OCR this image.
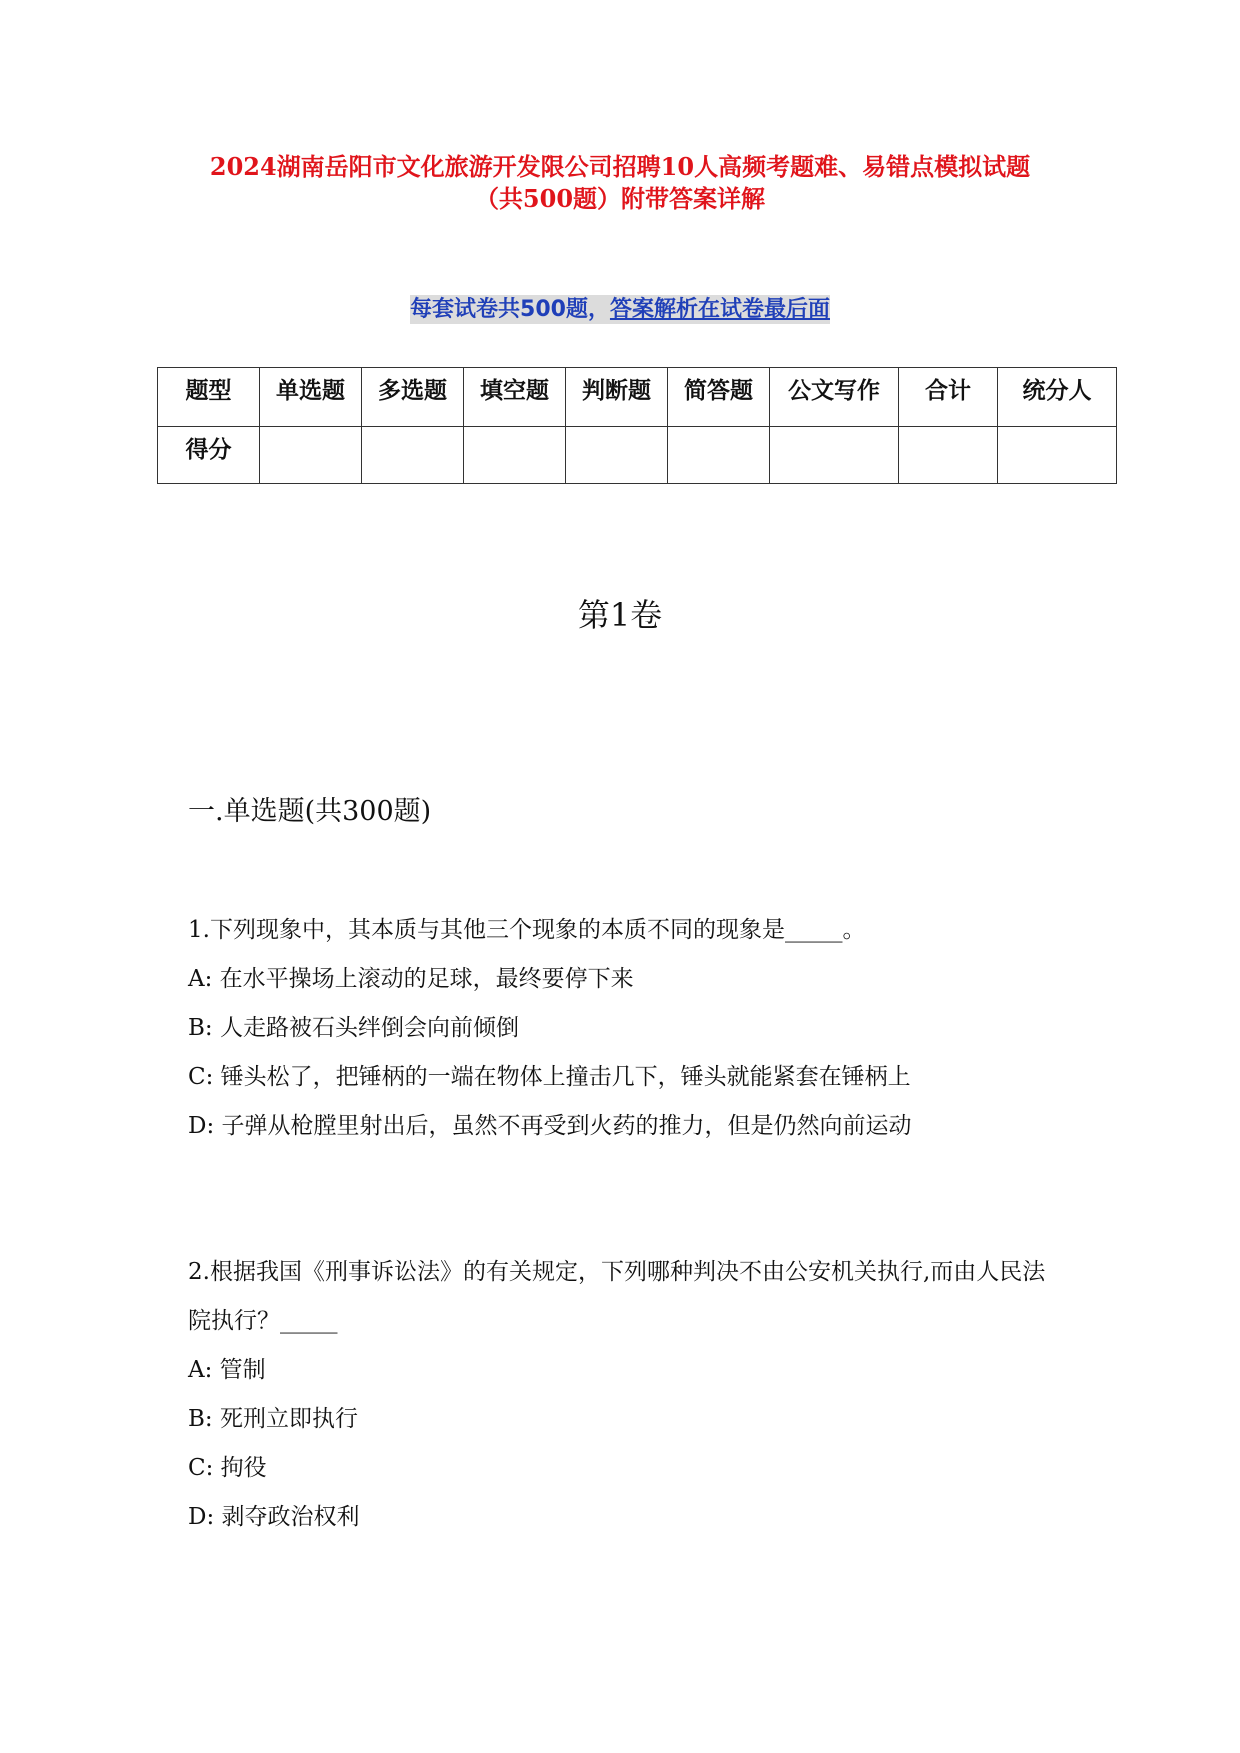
2024湖南岳阳市文化旅游开发限公司招聘10人高频考题难、易错点模拟试题
（共500题）附带答案详解
每套试卷共500题，答案解析在试卷最后面
题型	单选题	多选题	填空题	判断题	简答题	公文写作	合计	统分人
得分								
第1卷
一.单选题(共300题)

1.下列现象中，其本质与其他三个现象的本质不同的现象是_____。

A: 在水平操场上滚动的足球，最终要停下来

B: 人走路被石头绊倒会向前倾倒

C: 锤头松了，把锤柄的一端在物体上撞击几下，锤头就能紧套在锤柄上

D: 子弹从枪膛里射出后，虽然不再受到火药的推力，但是仍然向前运动

2.根据我国《刑事诉讼法》的有关规定，下列哪种判决不由公安机关执行,而由人民法院执行？_____

A: 管制

B: 死刑立即执行

C: 拘役

D: 剥夺政治权利
